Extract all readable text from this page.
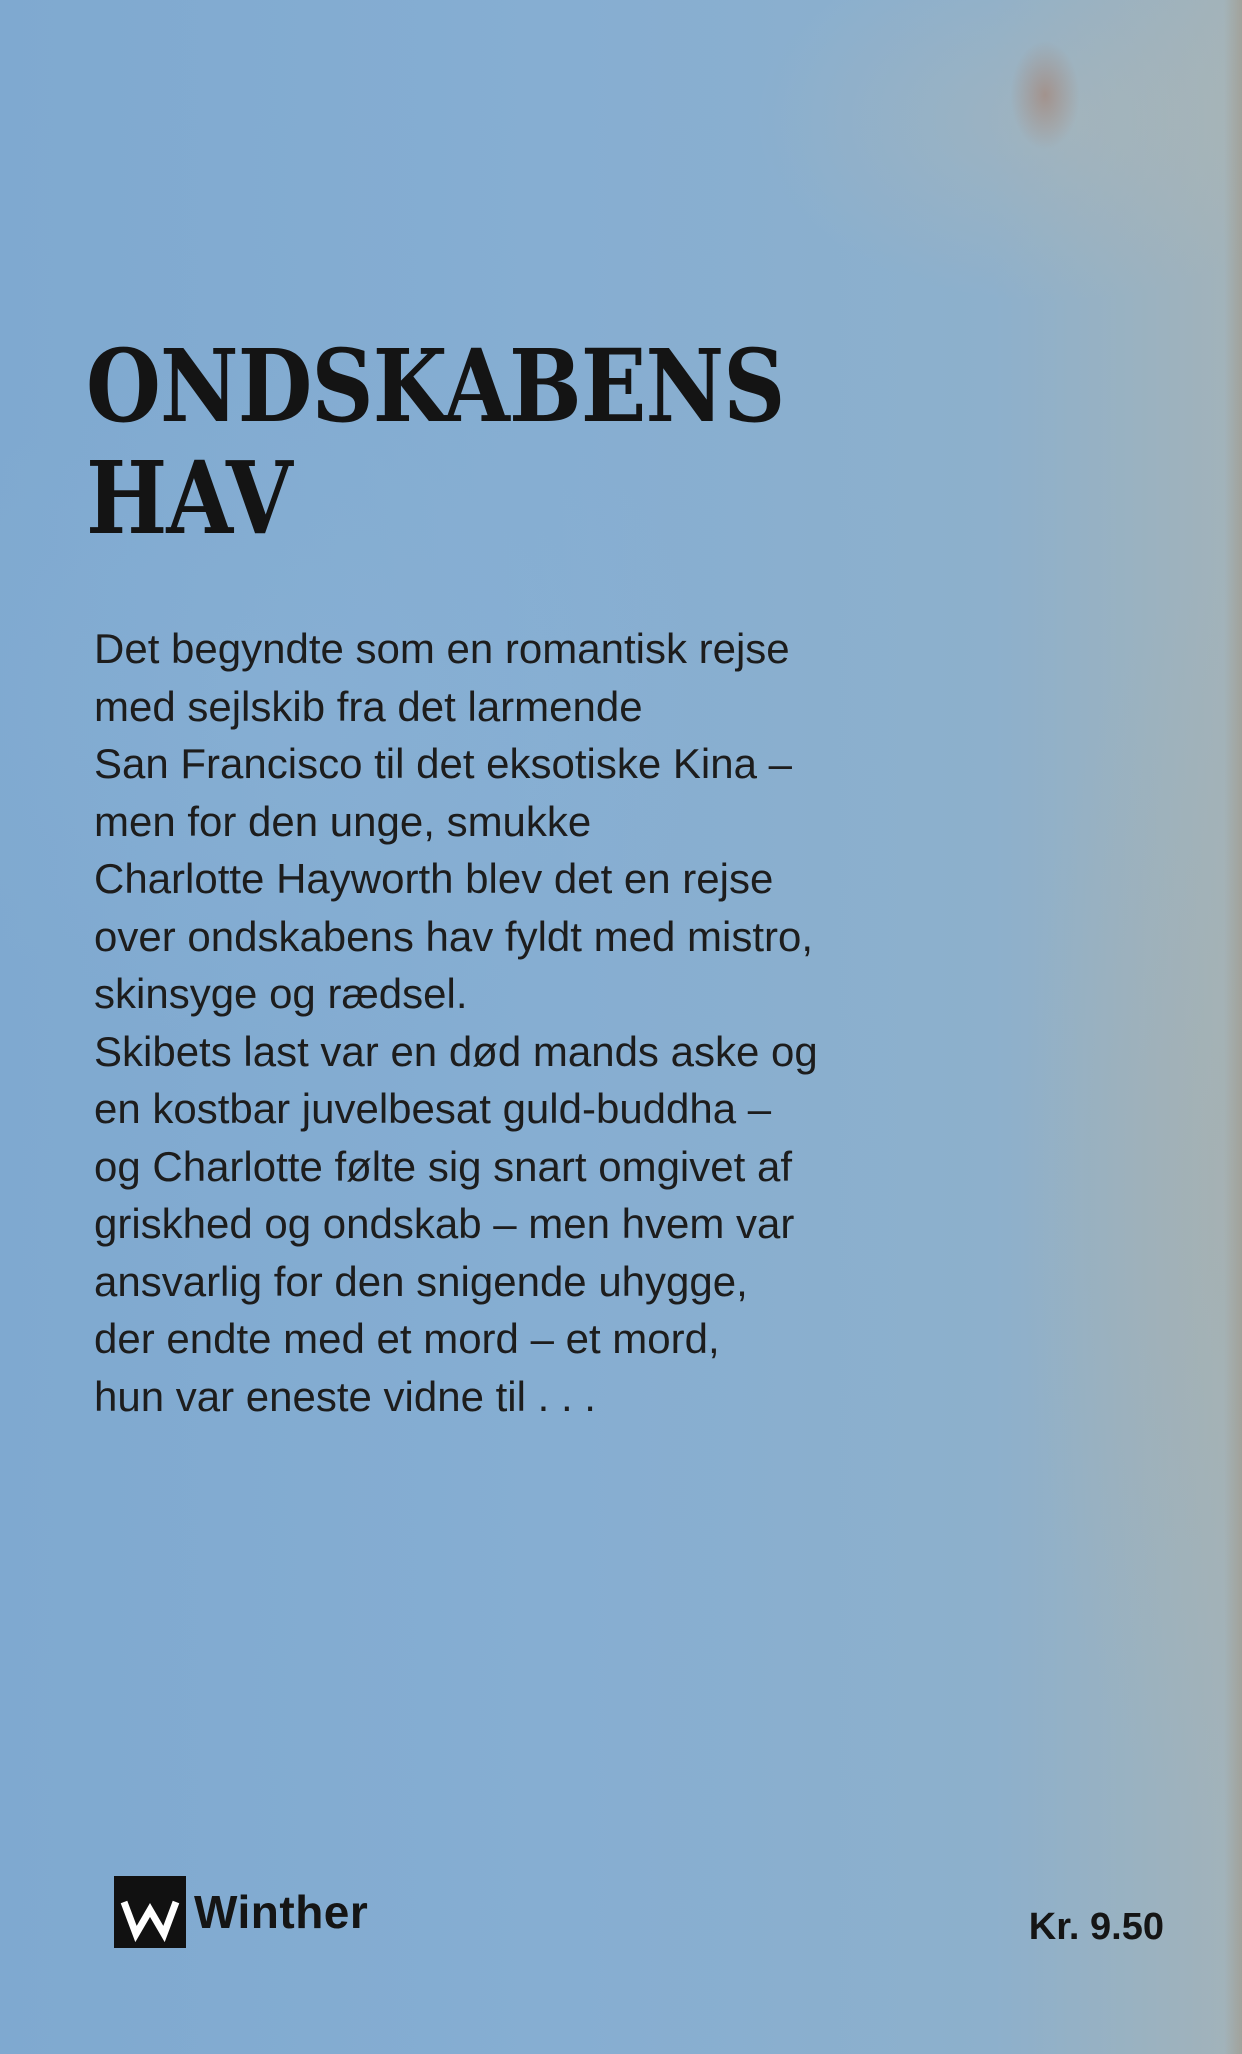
ONDSKABENS
HAV
Det begyndte som en romantisk rejse
med sejlskib fra det larmende
San Francisco til det eksotiske Kina –
men for den unge, smukke
Charlotte Hayworth blev det en rejse
over ondskabens hav fyldt med mistro,
skinsyge og rædsel.
Skibets last var en død mands aske og
en kostbar juvelbesat guld-buddha –
og Charlotte følte sig snart omgivet af
griskhed og ondskab – men hvem var
ansvarlig for den snigende uhygge,
der endte med et mord – et mord,
hun var eneste vidne til . . .
Winther	Kr. 9.50
